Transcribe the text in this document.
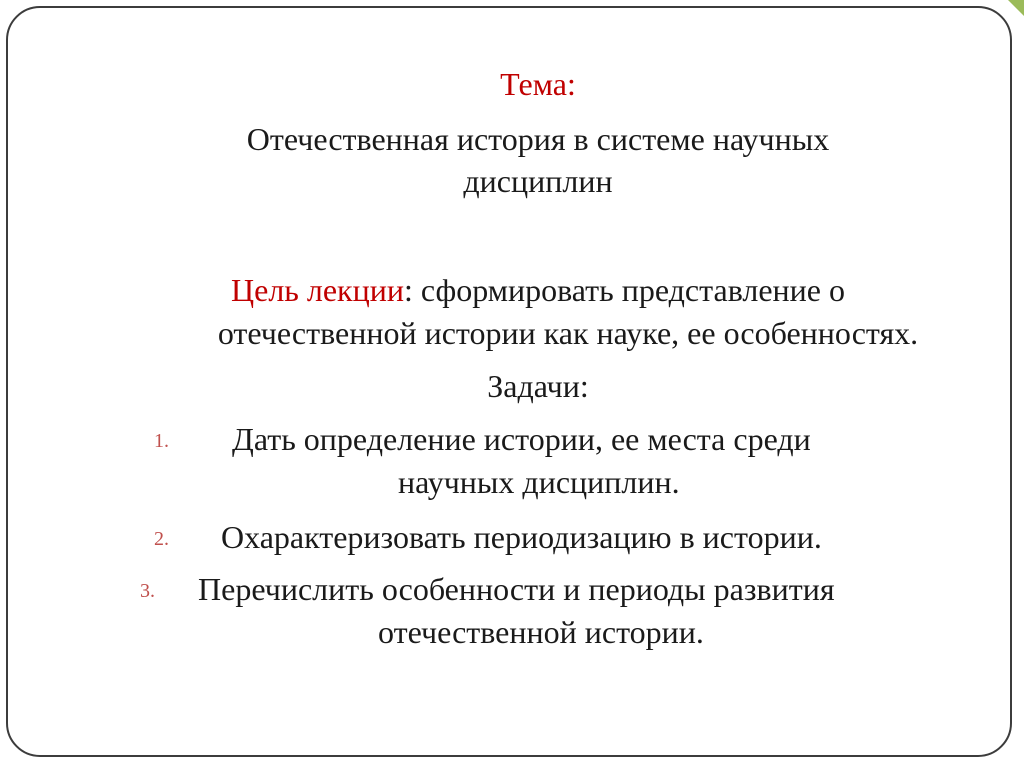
Тема:
Отечественная история в системе научных
дисциплин
Цель лекции: сформировать представление о
отечественной истории как науке, ее особенностях.
Задачи:
1. Дать определение истории, ее места среди
научных дисциплин.
2. Охарактеризовать периодизацию в истории.
3. Перечислить особенности и периоды развития
отечественной истории.
